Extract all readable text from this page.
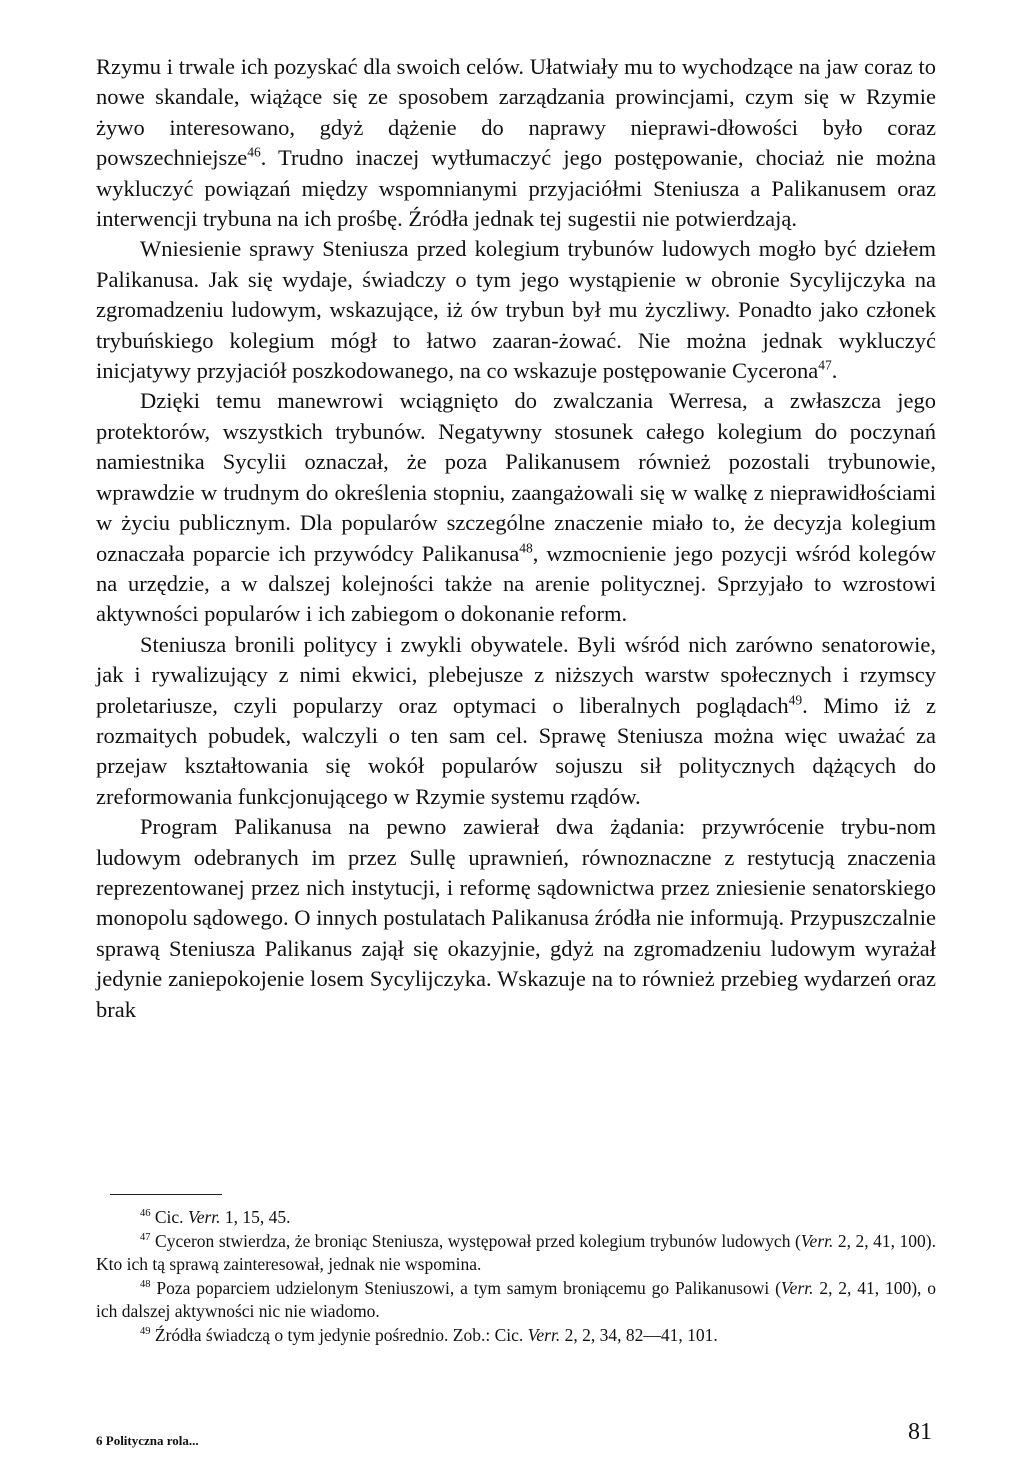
Rzymu i trwale ich pozyskać dla swoich celów. Ułatwiały mu to wychodzące na jaw coraz to nowe skandale, wiążące się ze sposobem zarządzania prowincjami, czym się w Rzymie żywo interesowano, gdyż dążenie do naprawy nieprawi-dłowości było coraz powszechniejsze$^{46}$. Trudno inaczej wytłumaczyć jego postępowanie, chociaż nie można wykluczyć powiązań między wspomnianymi przyjaciółmi Steniusza a Palikanusem oraz interwencji trybuna na ich prośbę. Źródła jednak tej sugestii nie potwierdzają.

Wniesienie sprawy Steniusza przed kolegium trybunów ludowych mogło być dziełem Palikanusa. Jak się wydaje, świadczy o tym jego wystąpienie w obronie Sycylijczyka na zgromadzeniu ludowym, wskazujące, iż ów trybun był mu życzliwy. Ponadto jako członek trybuńskiego kolegium mógł to łatwo zaaran-żować. Nie można jednak wykluczyć inicjatywy przyjaciół poszkodowanego, na co wskazuje postępowanie Cycerona$^{47}$.

Dzięki temu manewrowi wciągnięto do zwalczania Werresa, a zwłaszcza jego protektorów, wszystkich trybunów. Negatywny stosunek całego kolegium do poczynań namiestnika Sycylii oznaczał, że poza Palikanusem również pozostali trybunowie, wprawdzie w trudnym do określenia stopniu, zaangażowali się w walkę z nieprawidłościami w życiu publicznym. Dla popularów szczególne znaczenie miało to, że decyzja kolegium oznaczała poparcie ich przywódcy Palikanusa$^{48}$, wzmocnienie jego pozycji wśród kolegów na urzędzie, a w dalszej kolejności także na arenie politycznej. Sprzyjało to wzrostowi aktywności popularów i ich zabiegom o dokonanie reform.

Steniusza bronili politycy i zwykli obywatele. Byli wśród nich zarówno senatorowie, jak i rywalizujący z nimi ekwici, plebejusze z niższych warstw społecznych i rzymscy proletariusze, czyli popularzy oraz optymaci o liberalnych poglądach$^{49}$. Mimo iż z rozmaitych pobudek, walczyli o ten sam cel. Sprawę Steniusza można więc uważać za przejaw kształtowania się wokół popularów sojuszu sił politycznych dążących do zreformowania funkcjonującego w Rzymie systemu rządów.

Program Palikanusa na pewno zawierał dwa żądania: przywrócenie trybu-nom ludowym odebranych im przez Sullę uprawnień, równoznaczne z restytucją znaczenia reprezentowanej przez nich instytucji, i reformę sądownictwa przez zniesienie senatorskiego monopolu sądowego. O innych postulatach Palikanusa źródła nie informują. Przypuszczalnie sprawą Steniusza Palikanus zajął się okazyjnie, gdyż na zgromadzeniu ludowym wyrażał jedynie zaniepokojenie losem Sycylijczyka. Wskazuje na to również przebieg wydarzeń oraz brak

$^{46}$ Cic. Verr. 1, 15, 45.

$^{47}$ Cyceron stwierdza, że broniąc Steniusza, występował przed kolegium trybunów ludowych (Verr. 2, 2, 41, 100). Kto ich tą sprawą zainteresował, jednak nie wspomina.

$^{48}$ Poza poparciem udzielonym Steniuszowi, a tym samym broniącemu go Palikanusowi (Verr. 2, 2, 41, 100), o ich dalszej aktywności nic nie wiadomo.

$^{49}$ Źródła świadczą o tym jedynie pośrednio. Zob.: Cic. Verr. 2, 2, 34, 82—41, 101.

6 Polityczna rola...	81
